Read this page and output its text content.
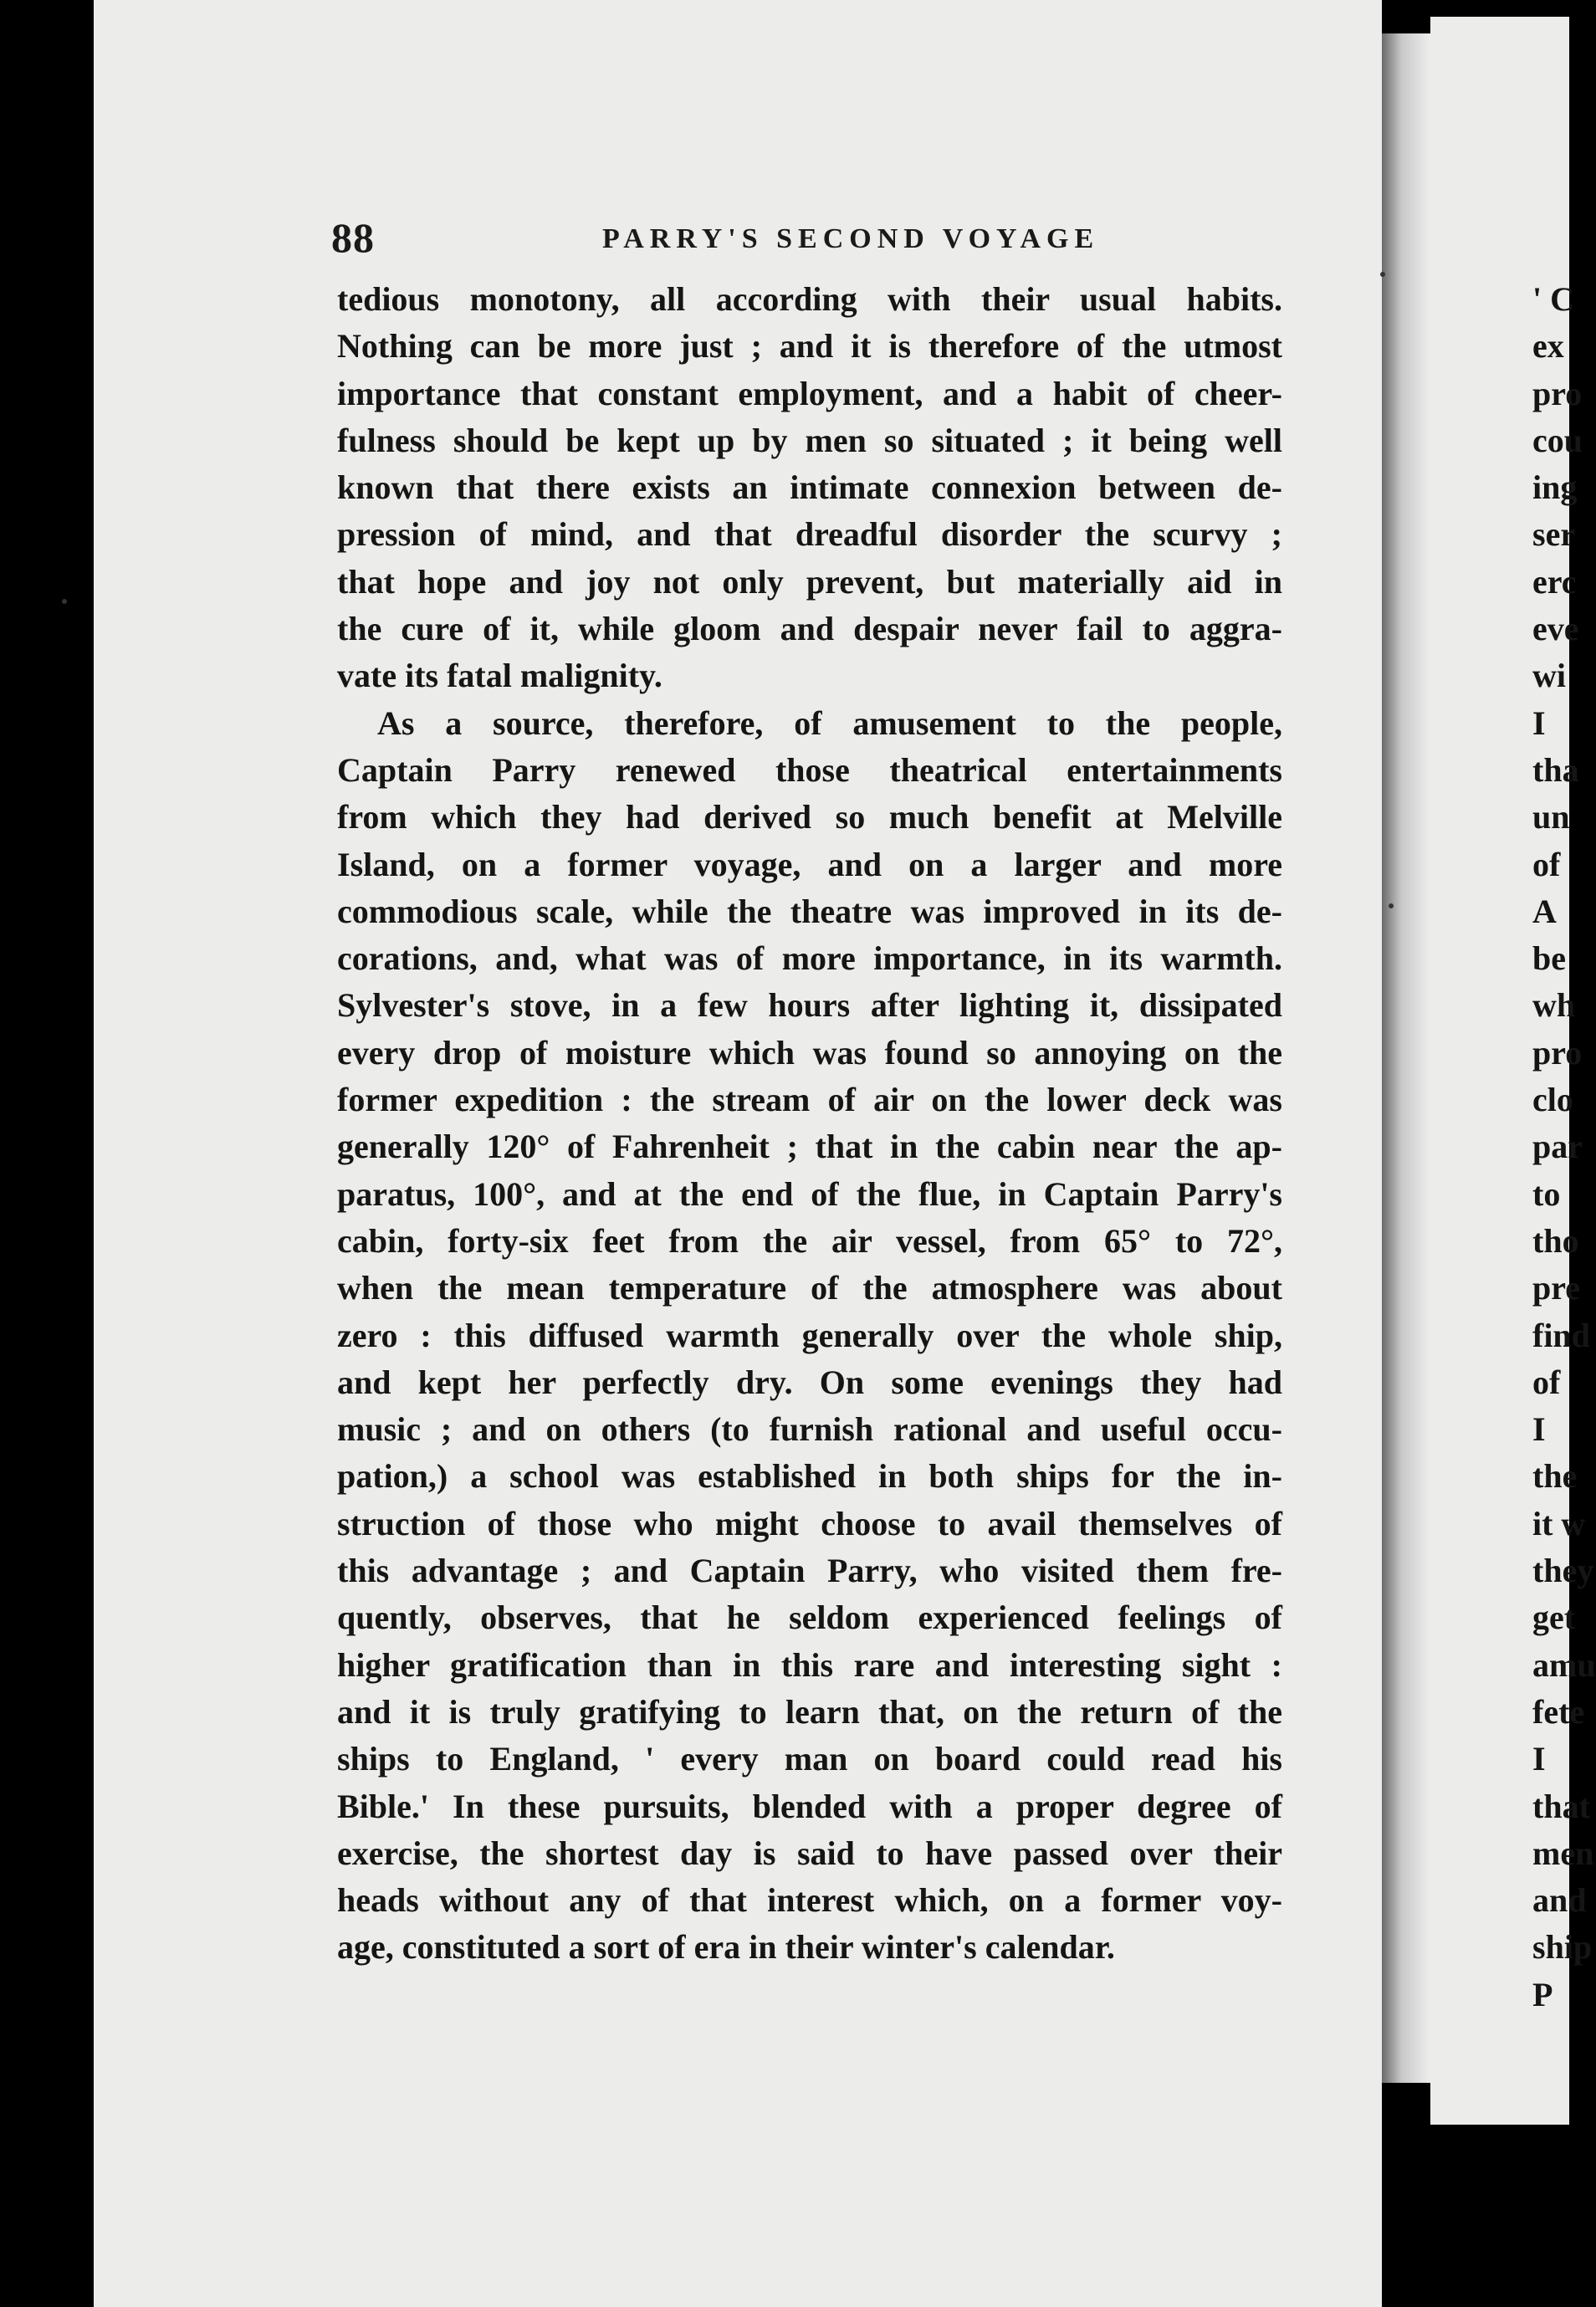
88	PARRY'S SECOND VOYAGE
tedious monotony, all according with their usual habits.
Nothing can be more just ; and it is therefore of the utmost
importance that constant employment, and a habit of cheer-
fulness should be kept up by men so situated ; it being well
known that there exists an intimate connexion between de-
pression of mind, and that dreadful disorder the scurvy ;
that hope and joy not only prevent, but materially aid in
the cure of it, while gloom and despair never fail to aggra-
vate its fatal malignity.
As a source, therefore, of amusement to the people,
Captain Parry renewed those theatrical entertainments
from which they had derived so much benefit at Melville
Island, on a former voyage, and on a larger and more
commodious scale, while the theatre was improved in its de-
corations, and, what was of more importance, in its warmth.
Sylvester's stove, in a few hours after lighting it, dissipated
every drop of moisture which was found so annoying on the
former expedition : the stream of air on the lower deck was
generally 120° of Fahrenheit ; that in the cabin near the ap-
paratus, 100°, and at the end of the flue, in Captain Parry's
cabin, forty-six feet from the air vessel, from 65° to 72°,
when the mean temperature of the atmosphere was about
zero : this diffused warmth generally over the whole ship,
and kept her perfectly dry. On some evenings they had
music ; and on others (to furnish rational and useful occu-
pation,) a school was established in both ships for the in-
struction of those who might choose to avail themselves of
this advantage ; and Captain Parry, who visited them fre-
quently, observes, that he seldom experienced feelings of
higher gratification than in this rare and interesting sight :
and it is truly gratifying to learn that, on the return of the
ships to England, ' every man on board could read his
Bible.' In these pursuits, blended with a proper degree of
exercise, the shortest day is said to have passed over their
heads without any of that interest which, on a former voy-
age, constituted a sort of era in their winter's calendar.
' C
ex
pro
cou
ing
ser
erc
eve
wi
I
tha
un
of
A
be
wh
pro
clo
par
to
tho
pre
find
of
I
the
it w
they
get
amu
fete
I
that
men
and
ship
P
